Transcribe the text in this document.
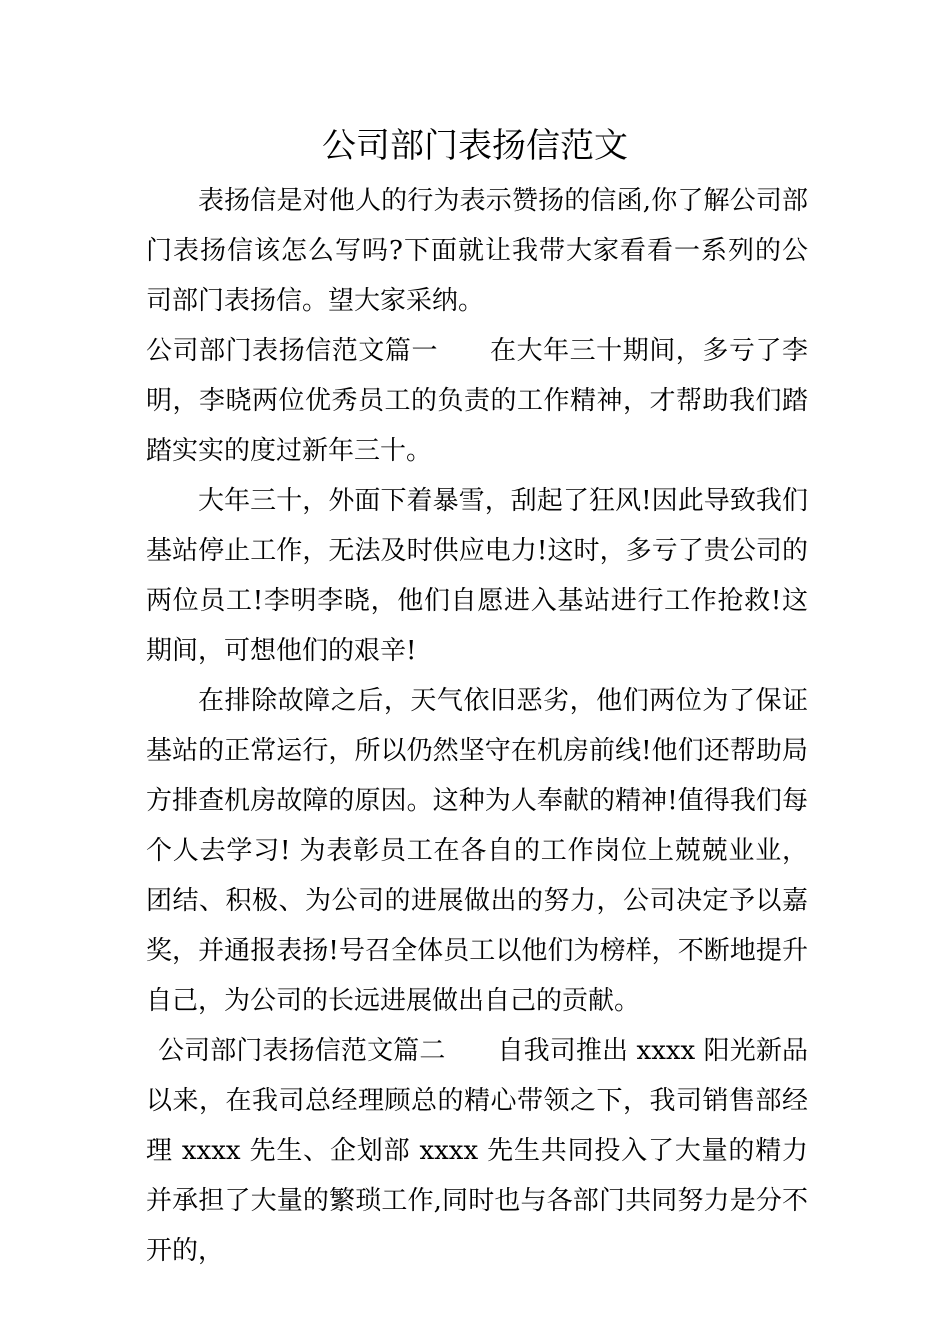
公司部门表扬信范文

表扬信是对他人的行为表示赞扬的信函,你了解公司部门表扬信该怎么写吗?下面就让我带大家看看一系列的公司部门表扬信。望大家采纳。

公司部门表扬信范文篇一 在大年三十期间，多亏了李明，李晓两位优秀员工的负责的工作精神，才帮助我们踏踏实实的度过新年三十。

大年三十，外面下着暴雪，刮起了狂风!因此导致我们基站停止工作，无法及时供应电力!这时，多亏了贵公司的两位员工!李明李晓，他们自愿进入基站进行工作抢救!这期间，可想他们的艰辛!

在排除故障之后，天气依旧恶劣，他们两位为了保证基站的正常运行，所以仍然坚守在机房前线!他们还帮助局方排查机房故障的原因。这种为人奉献的精神!值得我们每个人去学习! 为表彰员工在各自的工作岗位上兢兢业业，团结、积极、为公司的进展做出的努力，公司决定予以嘉奖，并通报表扬!号召全体员工以他们为榜样，不断地提升自己，为公司的长远进展做出自己的贡献。

公司部门表扬信范文篇二 自我司推出 xxxx 阳光新品以来，在我司总经理顾总的精心带领之下，我司销售部经理 xxxx 先生、企划部 xxxx 先生共同投入了大量的精力并承担了大量的繁琐工作,同时也与各部门共同努力是分不开的，
